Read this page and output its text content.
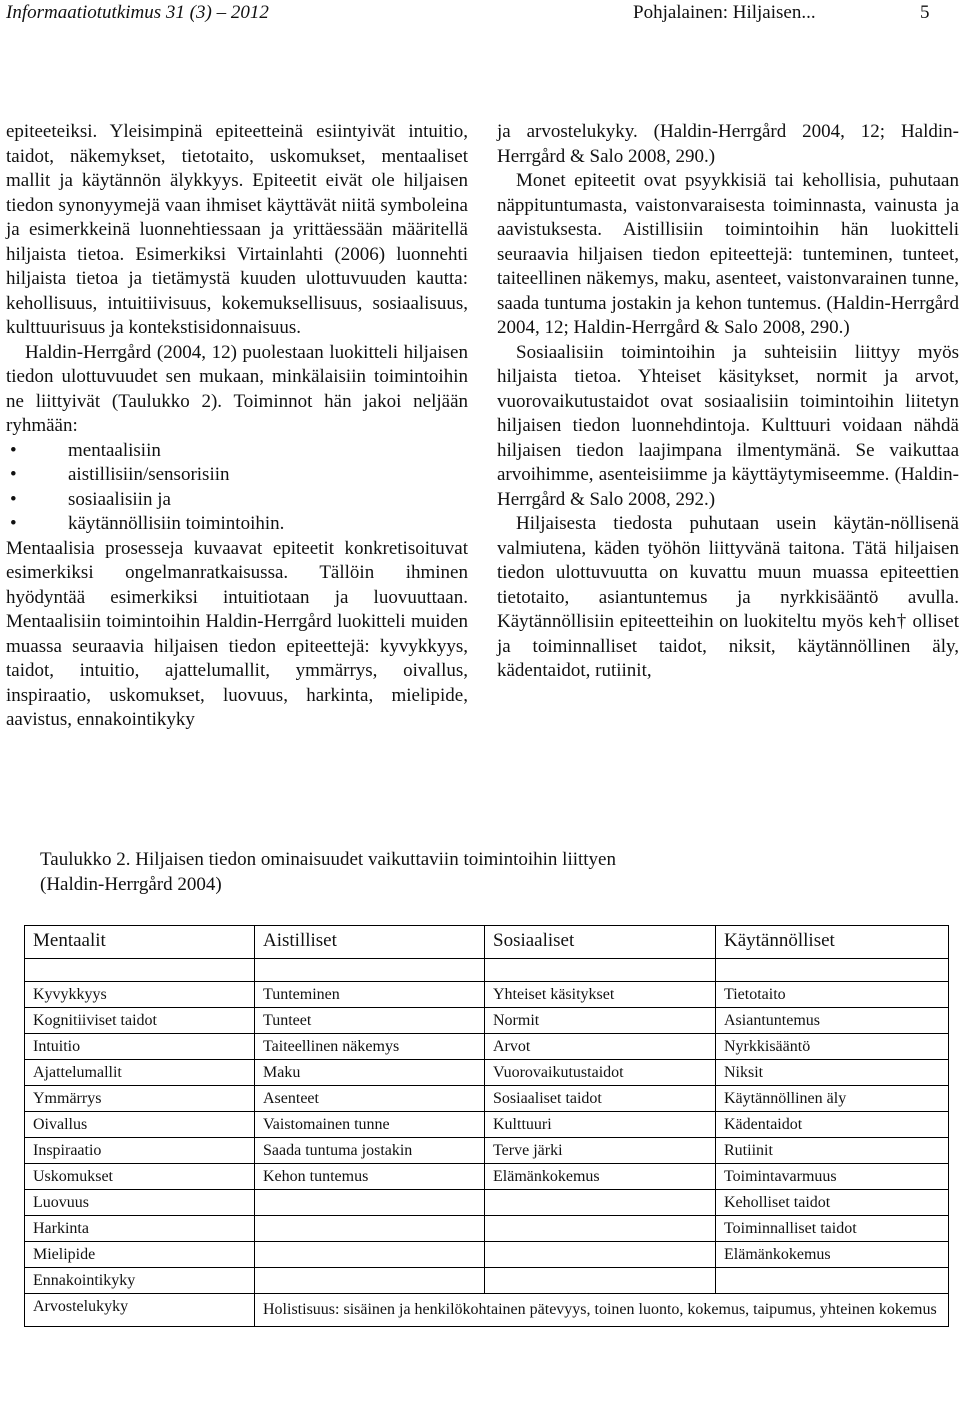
Informaatiotutkimus 31 (3) – 2012	Pohjalainen: Hiljaisen...	5

epiteeteiksi. Yleisimpinä epiteetteinä esiintyivät intuitio, taidot, näkemykset, tietotaito, uskomukset, mentaaliset mallit ja käytännön älykkyys. Epiteetit eivät ole hiljaisen tiedon synonyymejä vaan ihmiset käyttävät niitä symboleina ja esimerkkeinä luonnehtiessaan ja yrittäessään määritellä hiljaista tietoa. Esimerkiksi Virtainlahti (2006) luonnehti hiljaista tietoa ja tietämystä kuuden ulottuvuuden kautta: kehollisuus, intuitiivisuus, kokemuksellisuus, sosiaalisuus, kulttuurisuus ja kontekstisidonnaisuus.

Haldin-Herrgård (2004, 12) puolestaan luokitteli hiljaisen tiedon ulottuvuudet sen mukaan, minkälaisiin toimintoihin ne liittyivät (Taulukko 2). Toiminnot hän jakoi neljään ryhmään:

•	mentaalisiin
•	aistillisiin/sensorisiin
•	sosiaalisiin ja
•	käytännöllisiin toimintoihin.

Mentaalisia prosesseja kuvaavat epiteetit konkretisoituvat esimerkiksi ongelmanratkaisussa. Tällöin ihminen hyödyntää esimerkiksi intuitiotaan ja luovuuttaan. Mentaalisiin toimintoihin Haldin-Herrgård luokitteli muiden muassa seuraavia hiljaisen tiedon epiteettejä: kyvykkyys, taidot, intuitio, ajattelumallit, ymmärrys, oivallus, inspiraatio, uskomukset, luovuus, harkinta, mielipide, aavistus, ennakointikyky

ja arvostelukyky. (Haldin-Herrgård 2004, 12; Haldin-Herrgård & Salo 2008, 290.)

Monet epiteetit ovat psyykkisiä tai kehollisia, puhutaan näppituntumasta, vaistonvaraisesta toiminnasta, vainusta ja aavistuksesta. Aistillisiin toimintoihin hän luokitteli seuraavia hiljaisen tiedon epiteettejä: tunteminen, tunteet, taiteellinen näkemys, maku, asenteet, vaistonvarainen tunne, saada tuntuma jostakin ja kehon tuntemus. (Haldin-Herrgård 2004, 12; Haldin-Herrgård & Salo 2008, 290.)

Sosiaalisiin toimintoihin ja suhteisiin liittyy myös hiljaista tietoa. Yhteiset käsitykset, normit ja arvot, vuorovaikutustaidot ovat sosiaalisiin toimintoihin liitetyn hiljaisen tiedon luonnehdintoja. Kulttuuri voidaan nähdä hiljaisen tiedon laajimpana ilmentymänä. Se vaikuttaa arvoihimme, asenteisiimme ja käyttäytymiseemme. (Haldin-Herrgård & Salo 2008, 292.)

Hiljaisesta tiedosta puhutaan usein käytän-nöllisenä valmiutena, käden työhön liittyvänä taitona. Tätä hiljaisen tiedon ulottuvuutta on kuvattu muun muassa epiteettien tietotaito, asiantuntemus ja nyrkkisääntö avulla. Käytännöllisiin epiteetteihin on luokiteltu myös keh† olliset ja toiminnalliset taidot, niksit, käytännöllinen äly, kädentaidot, rutiinit,

Taulukko 2. Hiljaisen tiedon ominaisuudet vaikuttaviin toimintoihin liittyen
(Haldin-Herrgård 2004)
Mentaalit	Aistilliset	Sosiaaliset	Käytännölliset

Kyvykkyys	Tunteminen	Yhteiset käsitykset	Tietotaito
Kognitiiviset taidot	Tunteet	Normit	Asiantuntemus
Intuitio	Taiteellinen näkemys	Arvot	Nyrkkisääntö
Ajattelumallit	Maku	Vuorovaikutustaidot	Niksit
Ymmärrys	Asenteet	Sosiaaliset taidot	Käytännöllinen äly
Oivallus	Vaistomainen tunne	Kulttuuri	Kädentaidot
Inspiraatio	Saada tuntuma jostakin	Terve järki	Rutiinit
Uskomukset	Kehon tuntemus	Elämänkokemus	Toimintavarmuus
Luovuus			Keholliset taidot
Harkinta			Toiminnalliset taidot
Mielipide			Elämänkokemus
Ennakointikyky			
Arvostelukyky	Holistisuus: sisäinen ja henkilökohtainen pätevyys, toinen luonto, kokemus, taipumus, yhteinen kokemus		
